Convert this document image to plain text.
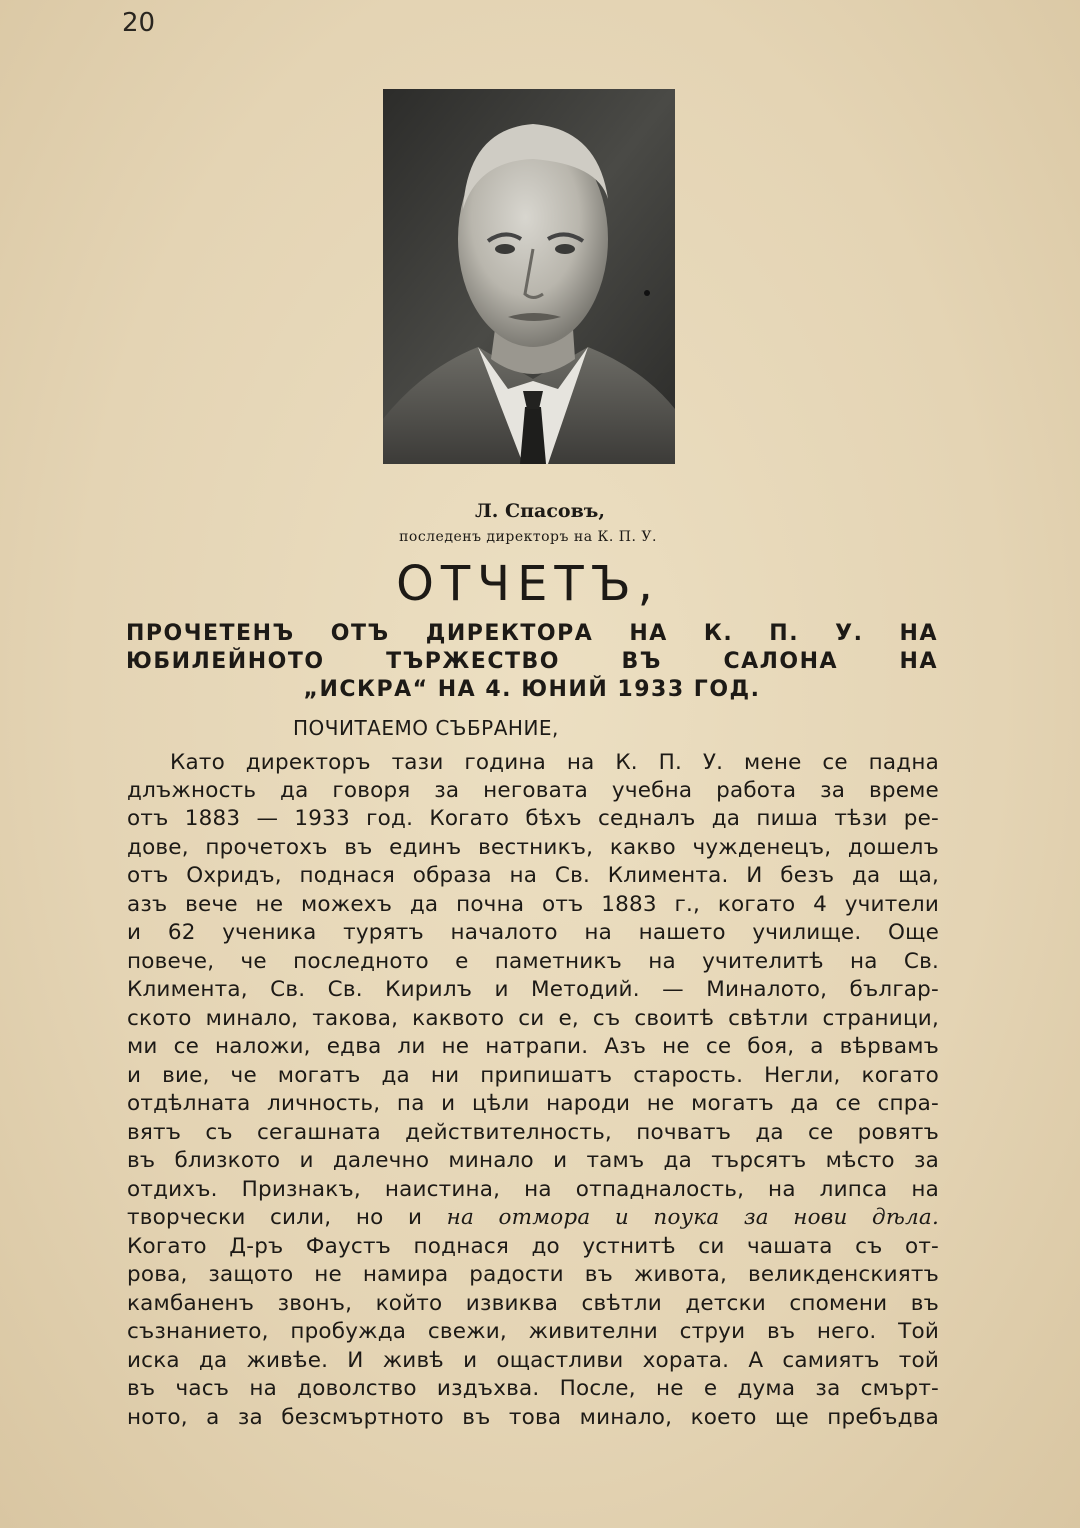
20
Л. Спасовъ,
последенъ директоръ на К. П. У.
ОТЧЕТЪ,
ПРОЧЕТЕНЪ ОТЪ ДИРЕКТОРА НА К. П. У. НА
ЮБИЛЕЙНОТО ТЪРЖЕСТВО ВЪ САЛОНА НА
„ИСКРА“ НА 4. ЮНИЙ 1933 ГОД.
ПОЧИТАЕМО СЪБРАНИЕ,
Като директоръ тази година на К. П. У. мене се падна
длъжность да говоря за неговата учебна работа за време
отъ 1883 — 1933 год. Когато бѣхъ седналъ да пиша тѣзи ре-
дове, прочетохъ въ единъ вестникъ, какво чужденецъ, дошелъ
отъ Охридъ, поднася образа на Св. Климента. И безъ да ща,
азъ вече не можехъ да почна отъ 1883 г., когато 4 учители
и 62 ученика турятъ началото на нашето училище. Още
повече, че последното е паметникъ на учителитѣ на Св.
Климента, Св. Св. Кирилъ и Методий. — Миналото, българ-
ското минало, такова, каквото си е, съ своитѣ свѣтли страници,
ми се наложи, едва ли не натрапи. Азъ не се боя, а вѣрвамъ
и вие, че могатъ да ни припишатъ старость. Негли, когато
отдѣлната личность, па и цѣли народи не могатъ да се спра-
вятъ съ сегашната действителность, почватъ да се ровятъ
въ близкото и далечно минало и тамъ да търсятъ мѣсто за
отдихъ. Признакъ, наистина, на отпадналость, на липса на
творчески сили, но и на отмора и поука за нови дѣла.
Когато Д-ръ Фаустъ поднася до устнитѣ си чашата съ от-
рова, защото не намира радости въ живота, великденскиятъ
камбаненъ звонъ, който извиква свѣтли детски спомени въ
съзнанието, пробужда свежи, живителни струи въ него. Той
иска да живѣе. И живѣ и ощастливи хората. А самиятъ той
въ часъ на доволство издъхва. После, не е дума за смърт-
ното, а за безсмъртното въ това минало, което ще пребъдва
